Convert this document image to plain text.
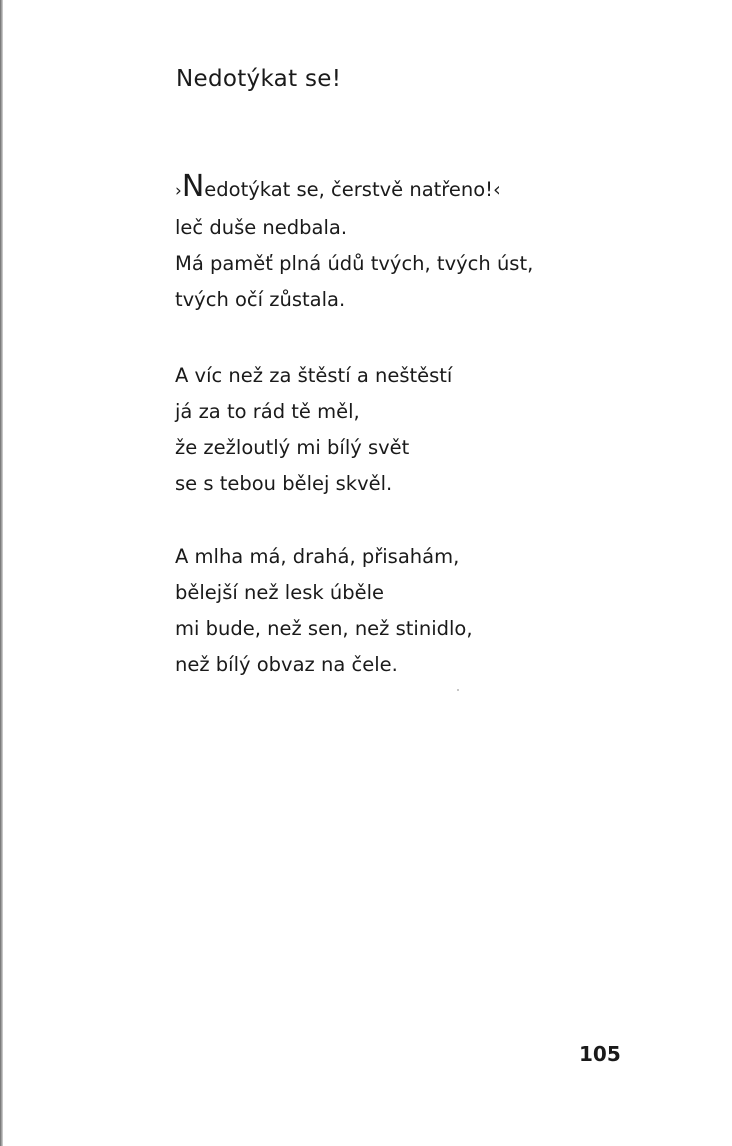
Nedotýkat se!
›Nedotýkat se, čerstvě natřeno!‹
leč duše nedbala.
Má paměť plná údů tvých, tvých úst,
tvých očí zůstala.
A víc než za štěstí a neštěstí
já za to rád tě měl,
že zežloutlý mi bílý svět
se s tebou bělej skvěl.
A mlha má, drahá, přisahám,
bělejší než lesk úběle
mi bude, než sen, než stinidlo,
než bílý obvaz na čele.
105
